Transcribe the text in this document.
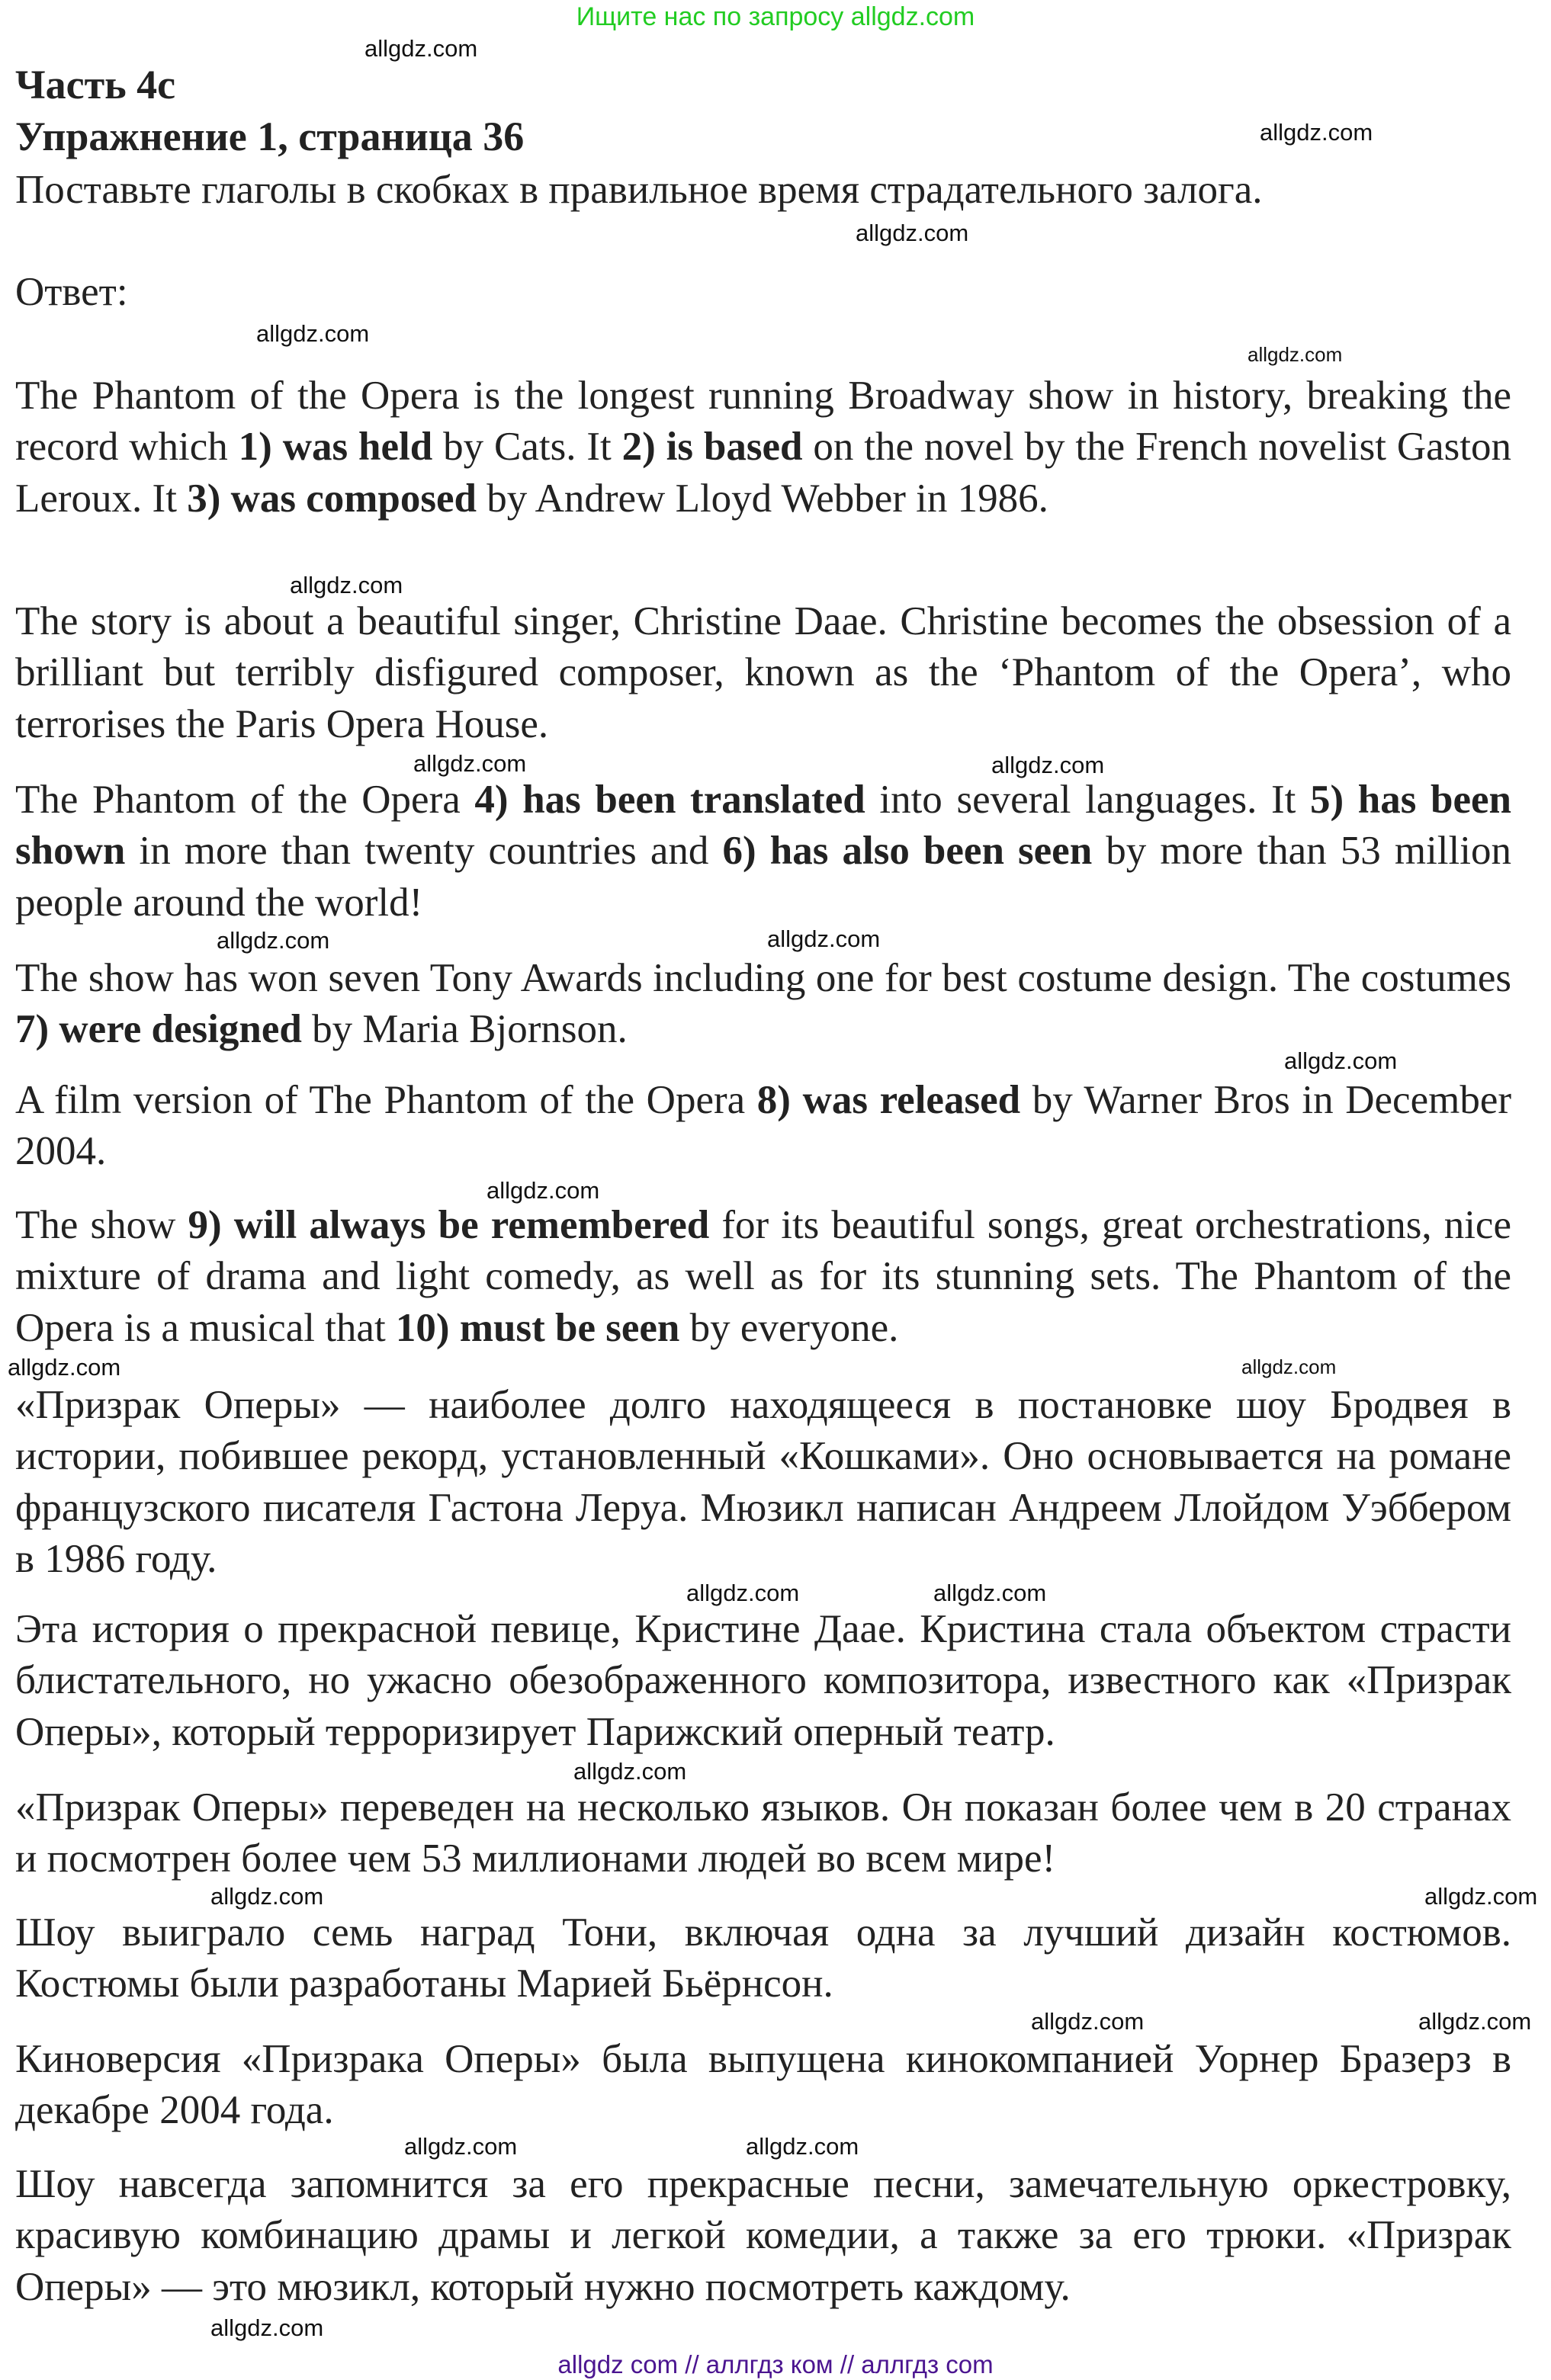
Ищите нас по запросу allgdz.com
Часть 4с
Упражнение 1, страница 36
Поставьте глаголы в скобках в правильное время страдательного залога.
Ответ:
The Phantom of the Opera is the longest running Broadway show in history, breaking the record which 1) was held by Cats. It 2) is based on the novel by the French novelist Gaston Leroux. It 3) was composed by Andrew Lloyd Webber in 1986.
The story is about a beautiful singer, Christine Daae. Christine becomes the obsession of a brilliant but terribly disfigured composer, known as the ‘Phantom of the Opera’, who terrorises the Paris Opera House.
The Phantom of the Opera 4) has been translated into several languages. It 5) has been shown in more than twenty countries and 6) has also been seen by more than 53 million people around the world!
The show has won seven Tony Awards including one for best costume design. The costumes 7) were designed by Maria Bjornson.
A film version of The Phantom of the Opera 8) was released by Warner Bros in December 2004.
The show 9) will always be remembered for its beautiful songs, great orchestrations, nice mixture of drama and light comedy, as well as for its stunning sets. The Phantom of the Opera is a musical that 10) must be seen by everyone.
«Призрак Оперы» — наиболее долго находящееся в постановке шоу Бродвея в истории, побившее рекорд, установленный «Кошками». Оно основывается на романе французского писателя Гастона Леруа. Мюзикл написан Андреем Ллойдом Уэббером в 1986 году.
Эта история о прекрасной певице, Кристине Даае. Кристина стала объектом страсти блистательного, но ужасно обезображенного композитора, известного как «Призрак Оперы», который терроризирует Парижский оперный театр.
«Призрак Оперы» переведен на несколько языков. Он показан более чем в 20 странах и посмотрен более чем 53 миллионами людей во всем мире!
Шоу выиграло семь наград Тони, включая одна за лучший дизайн костюмов. Костюмы были разработаны Марией Бьёрнсон.
Киноверсия «Призрака Оперы» была выпущена кинокомпанией Уорнер Бразерз в декабре 2004 года.
Шоу навсегда запомнится за его прекрасные песни, замечательную оркестровку, красивую комбинацию драмы и легкой комедии, а также за его трюки. «Призрак Оперы» — это мюзикл, который нужно посмотреть каждому.
allgdz.com
allgdz.com
allgdz.com
allgdz.com
allgdz.com
allgdz.com
allgdz.com
allgdz.com
allgdz.com
allgdz.com
allgdz.com
allgdz.com
allgdz.com
allgdz.com
allgdz.com	allgdz.com
allgdz.com
allgdz.com
allgdz.com
allgdz.com	allgdz.com
allgdz.com
allgdz.com
allgdz.com
allgdz com // аллгдз ком // аллгдз com
